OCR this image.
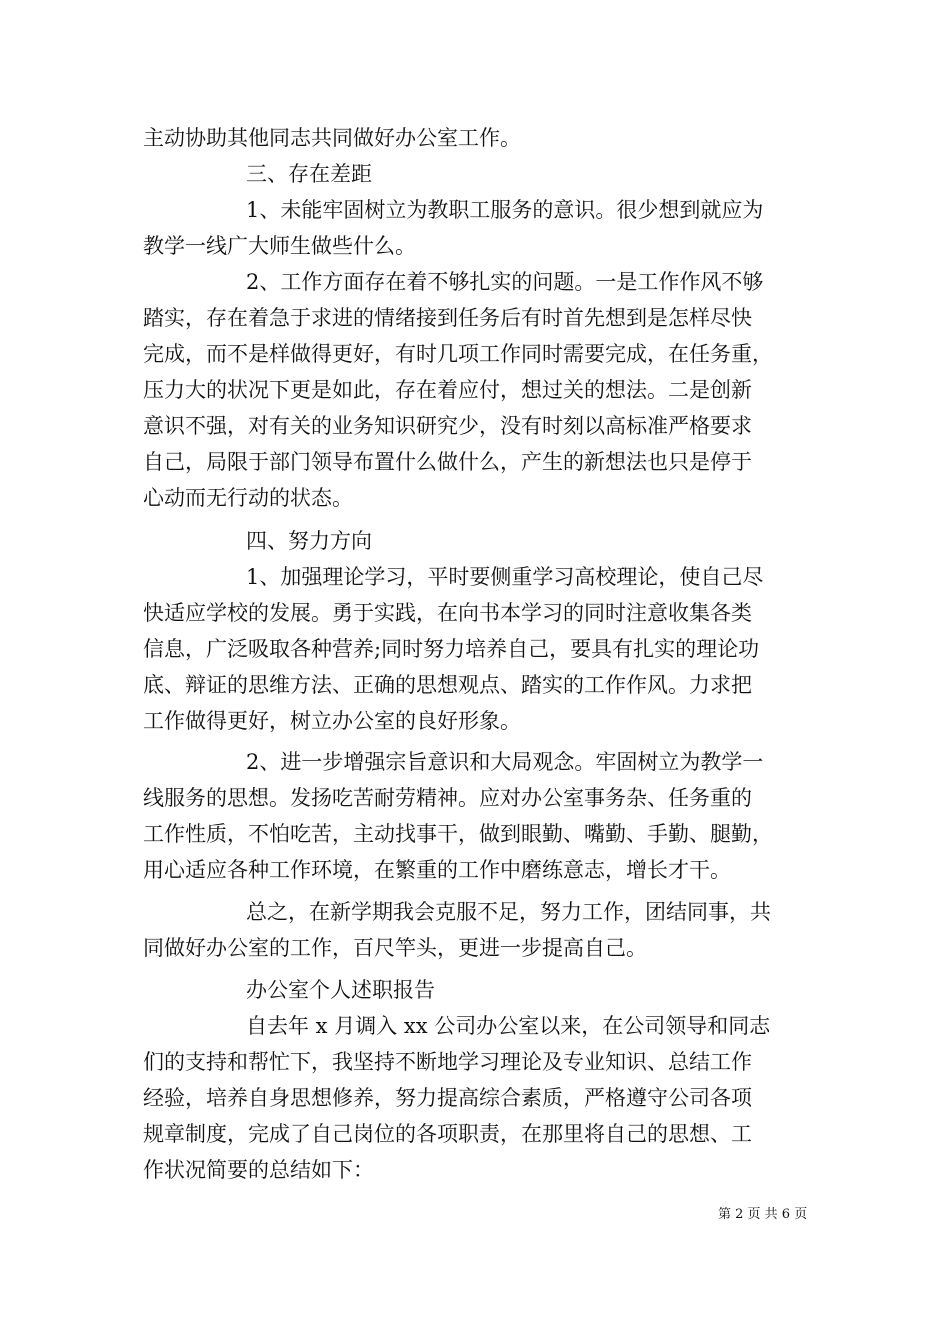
主动协助其他同志共同做好办公室工作。
三、存在差距
1、未能牢固树立为教职工服务的意识。很少想到就应为
教学一线广大师生做些什么。
2、工作方面存在着不够扎实的问题。一是工作作风不够
踏实，存在着急于求进的情绪接到任务后有时首先想到是怎样尽快
完成，而不是样做得更好，有时几项工作同时需要完成，在任务重，
压力大的状况下更是如此，存在着应付，想过关的想法。二是创新
意识不强，对有关的业务知识研究少，没有时刻以高标准严格要求
自己，局限于部门领导布置什么做什么，产生的新想法也只是停于
心动而无行动的状态。
四、努力方向
1、加强理论学习，平时要侧重学习高校理论，使自己尽
快适应学校的发展。勇于实践，在向书本学习的同时注意收集各类
信息，广泛吸取各种营养;同时努力培养自己，要具有扎实的理论功
底、辩证的思维方法、正确的思想观点、踏实的工作作风。力求把
工作做得更好，树立办公室的良好形象。
2、进一步增强宗旨意识和大局观念。牢固树立为教学一
线服务的思想。发扬吃苦耐劳精神。应对办公室事务杂、任务重的
工作性质，不怕吃苦，主动找事干，做到眼勤、嘴勤、手勤、腿勤，
用心适应各种工作环境，在繁重的工作中磨练意志，增长才干。
总之，在新学期我会克服不足，努力工作，团结同事，共
同做好办公室的工作，百尺竿头，更进一步提高自己。
办公室个人述职报告
自去年 x 月调入 xx 公司办公室以来，在公司领导和同志
们的支持和帮忙下，我坚持不断地学习理论及专业知识、总结工作
经验，培养自身思想修养，努力提高综合素质，严格遵守公司各项
规章制度，完成了自己岗位的各项职责，在那里将自己的思想、工
作状况简要的总结如下：
第 2 页 共 6 页
